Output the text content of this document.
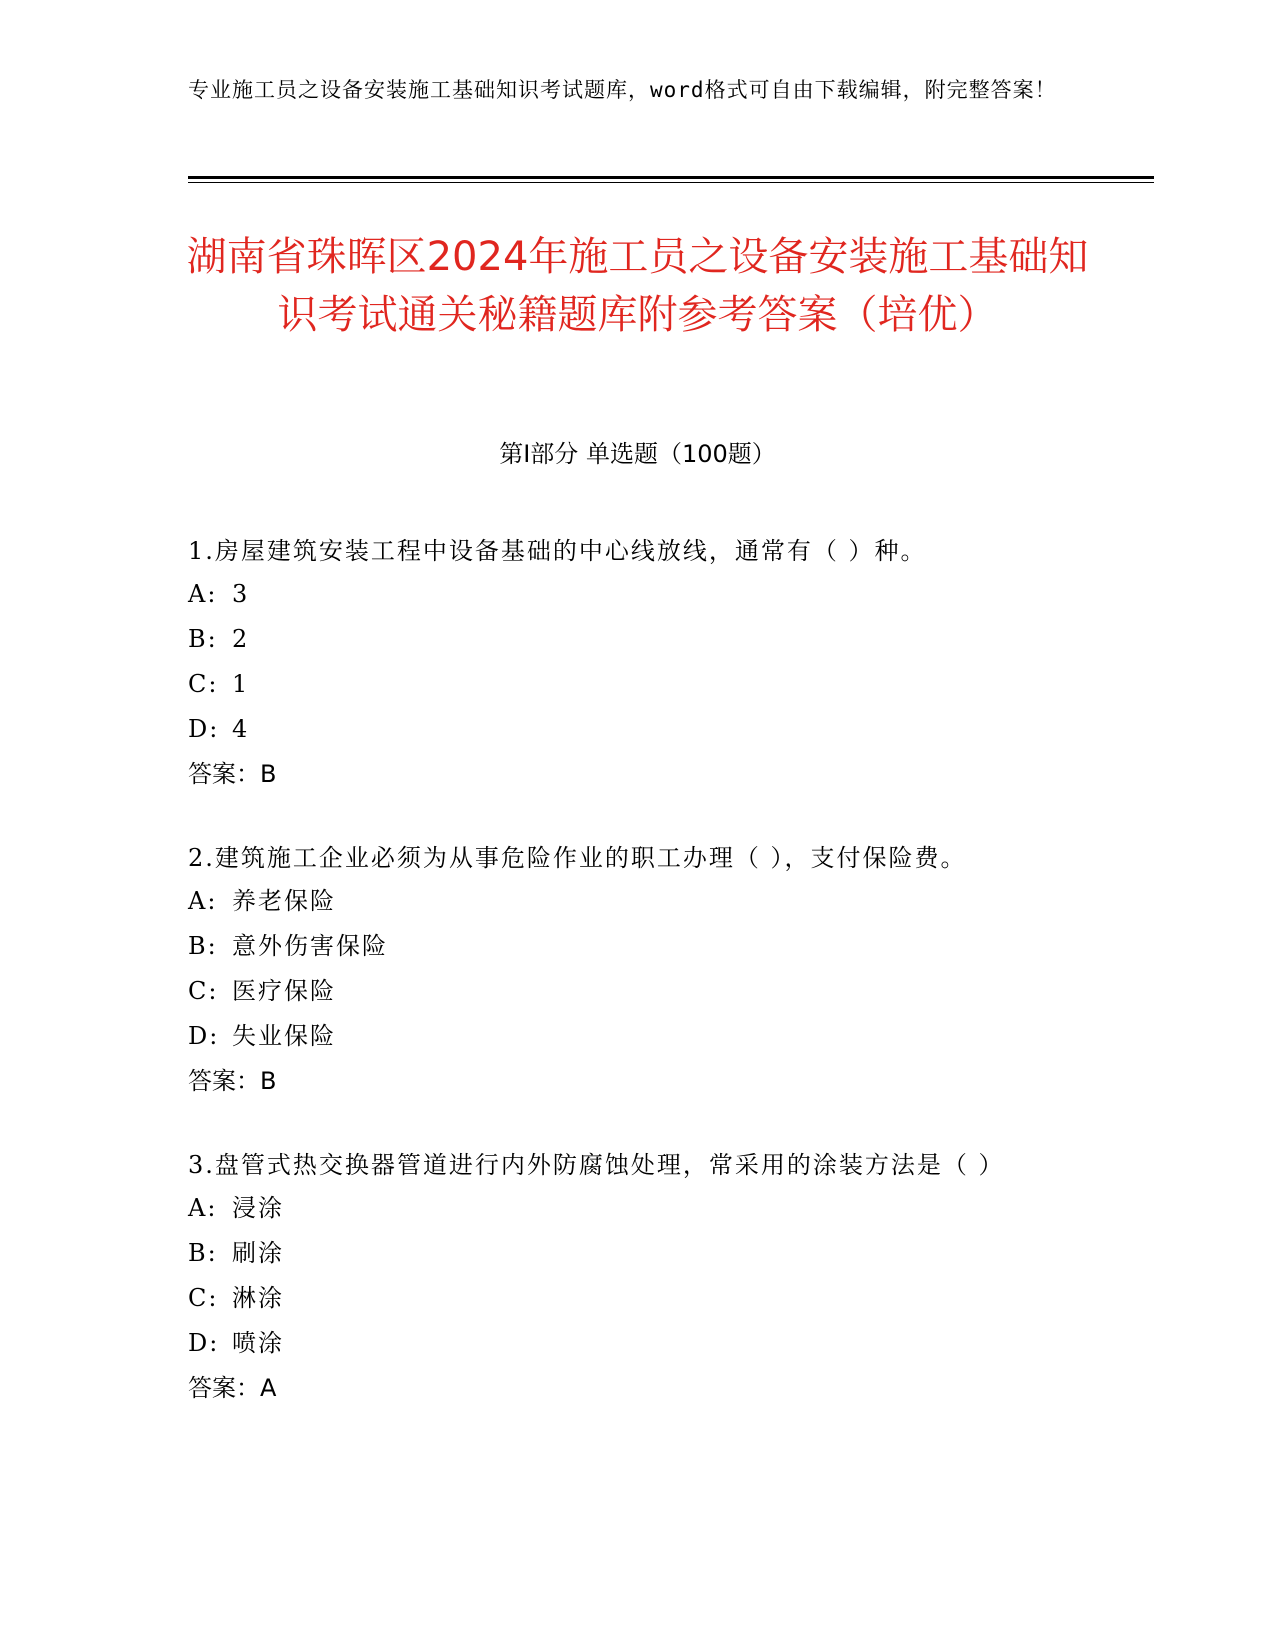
专业施工员之设备安装施工基础知识考试题库，word格式可自由下载编辑，附完整答案！
湖南省珠晖区2024年施工员之设备安装施工基础知识考试通关秘籍题库附参考答案（培优）
第Ⅰ部分 单选题（100题）
1.房屋建筑安装工程中设备基础的中心线放线，通常有（ ）种。
A: 3
B: 2
C: 1
D: 4
答案：B
2.建筑施工企业必须为从事危险作业的职工办理（ ），支付保险费。
A: 养老保险
B: 意外伤害保险
C: 医疗保险
D: 失业保险
答案：B
3.盘管式热交换器管道进行内外防腐蚀处理，常采用的涂装方法是（ ）
A: 浸涂
B: 刷涂
C: 淋涂
D: 喷涂
答案：A
